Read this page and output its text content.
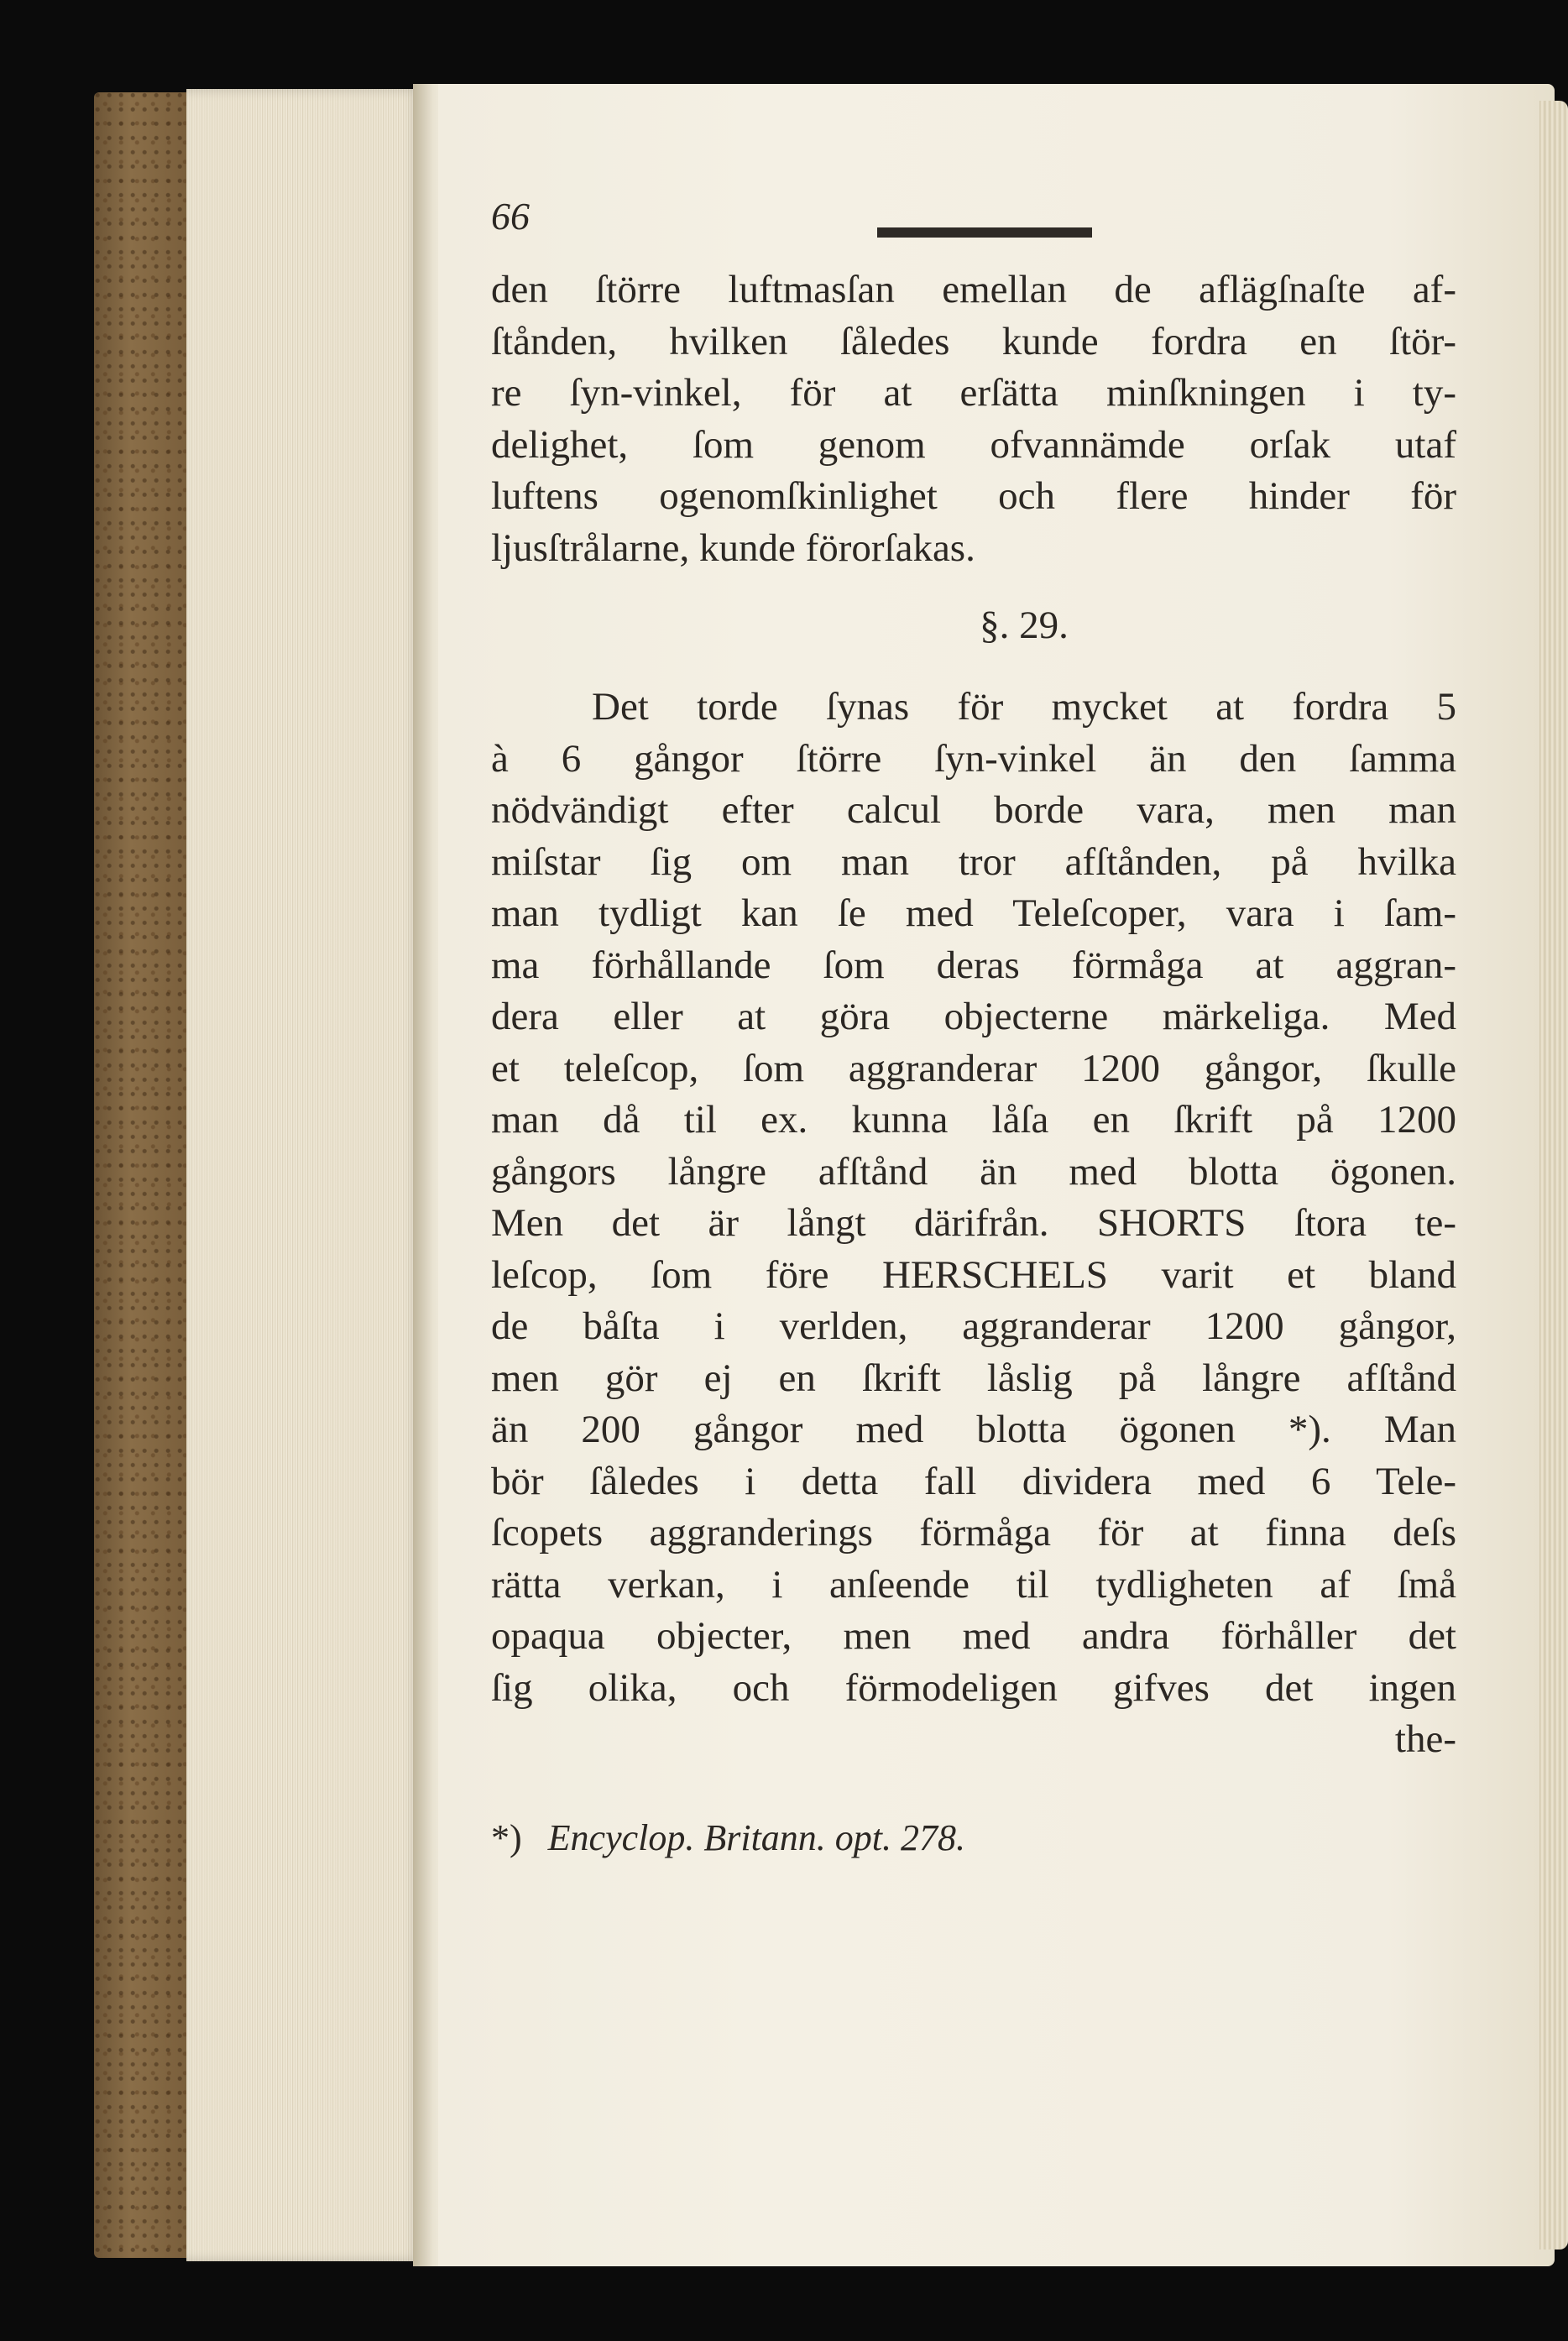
66
den ſtörre luftmasſan emellan de aflägſnaſte af-
ſtånden, hvilken ſåledes kunde fordra en ſtör-
re ſyn-vinkel, för at erſätta minſkningen i ty-
delighet, ſom genom ofvannämde orſak utaf
luftens ogenomſkinlighet och flere hinder för
ljusſtrålarne, kunde förorſakas.
§. 29.
Det torde ſynas för mycket at fordra 5
à 6 gångor ſtörre ſyn-vinkel än den ſamma
nödvändigt efter calcul borde vara, men man
miſstar ſig om man tror afſtånden, på hvilka
man tydligt kan ſe med Teleſcoper, vara i ſam-
ma förhållande ſom deras förmåga at aggran-
dera eller at göra objecterne märkeliga. Med
et teleſcop, ſom aggranderar 1200 gångor, ſkulle
man då til ex. kunna låſa en ſkrift på 1200
gångors långre afſtånd än med blotta ögonen.
Men det är långt därifrån. SHORTS ſtora te-
leſcop, ſom före HERSCHELS varit et bland
de båſta i verlden, aggranderar 1200 gångor,
men gör ej en ſkrift låslig på långre afſtånd
än 200 gångor med blotta ögonen *). Man
bör ſåledes i detta fall dividera med 6 Tele-
ſcopets aggranderings förmåga för at finna deſs
rätta verkan, i anſeende til tydligheten af ſmå
opaqua objecter, men med andra förhåller det
ſig olika, och förmodeligen gifves det ingen
the-
*) Encyclop. Britann. opt. 278.
